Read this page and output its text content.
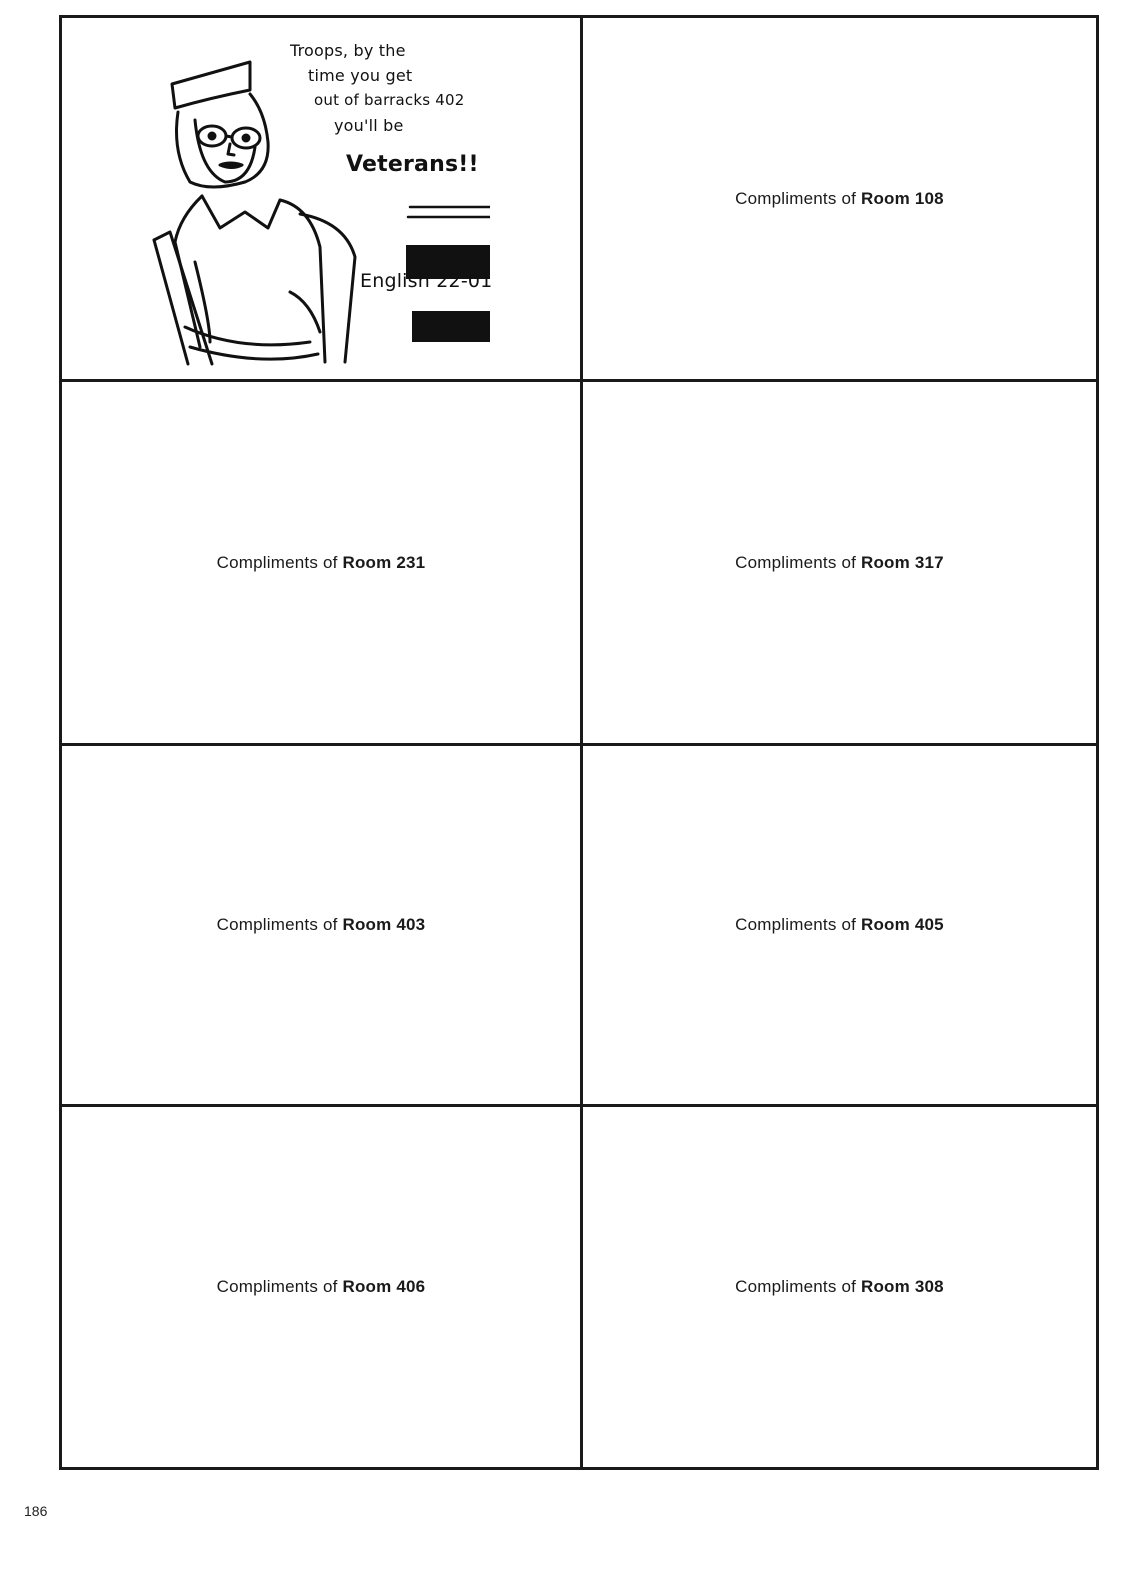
Troops, by the
time you get
out of barracks 402
you'll be
Veterans!!
English 22-01
Compliments of
Room 108
Compliments of
Room 231	Compliments of
Room 317
Compliments of
Room 403	Compliments of
Room 405
Compliments of
Room 406	Compliments of
Room 308
186
